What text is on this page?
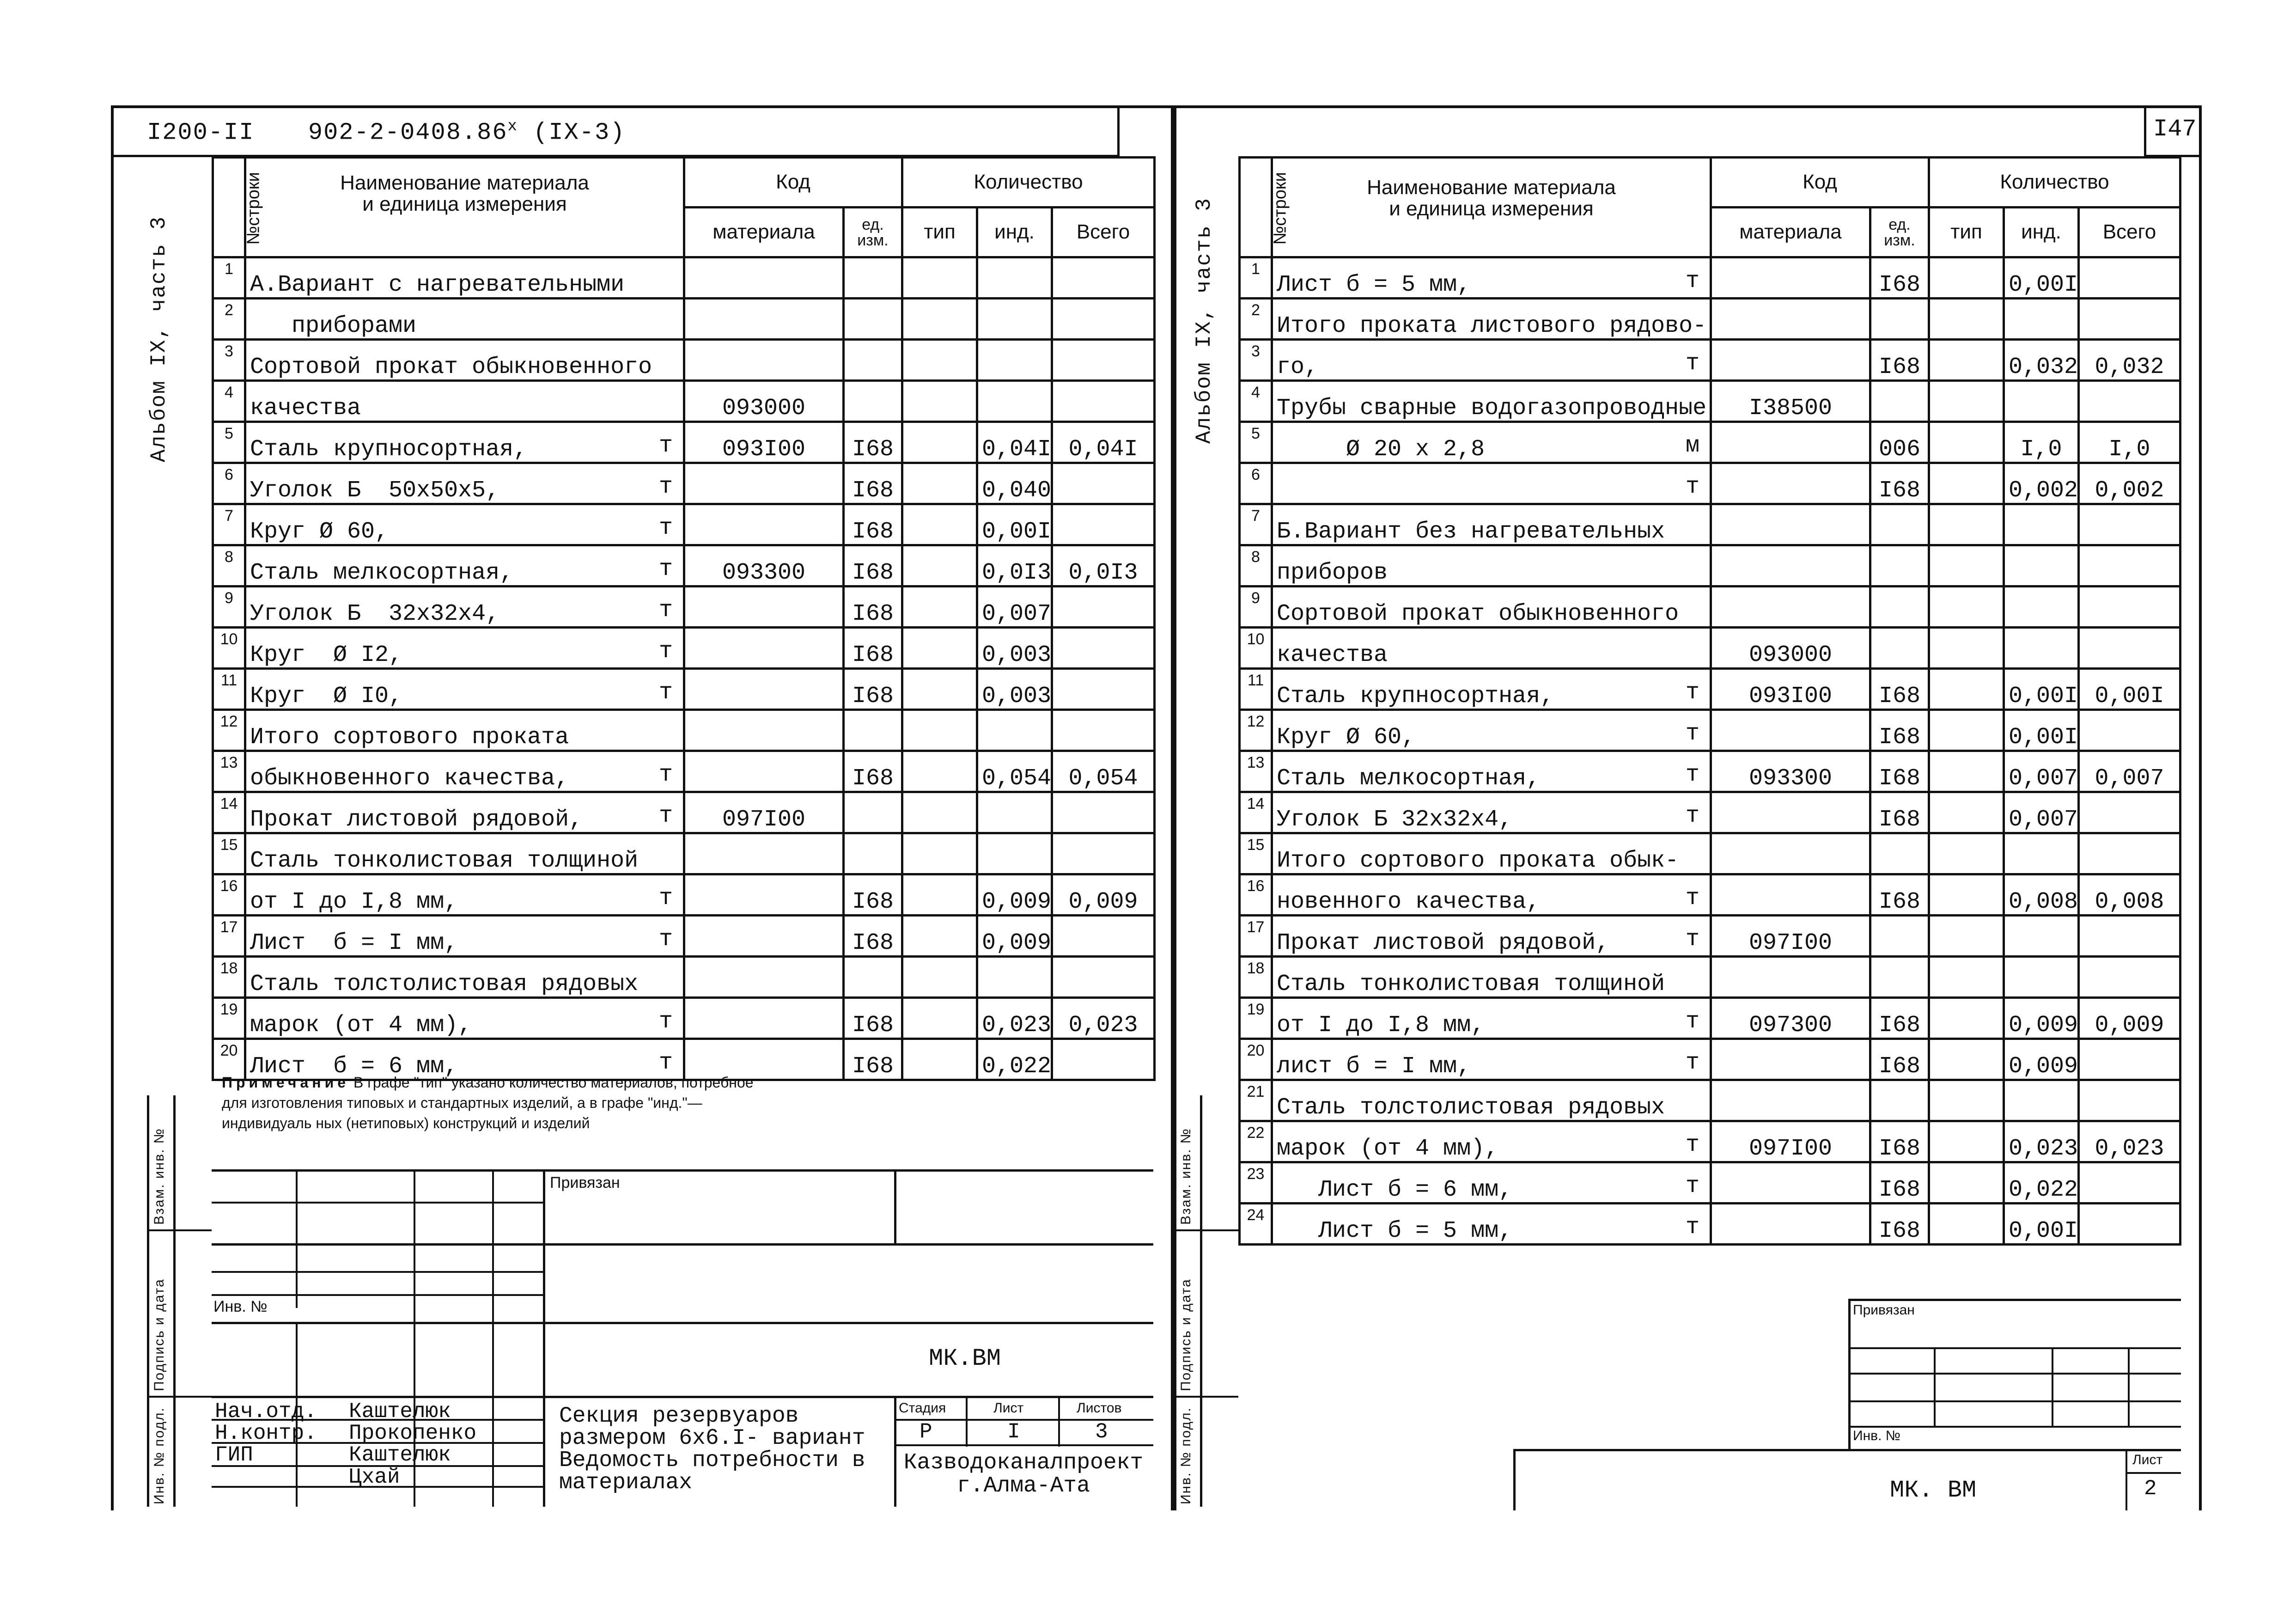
I200-II $902-2-0408.86^х$ (IX-3)
Альбом IX, часть 3
№строки	Наименование материала
и единица измерения	Код		Количество		
		материала	ед. изм.	тип	инд.	Всего
1	А.Вариант с нагревательными

2	приборами

3	Сортовой прокат обыкновенного

4	качества	093000				
5	Сталь крупносортная, т	093I00	I68		0,04I	0,04I
6	Уголок Б  50х50х5, т		I68		0,040	
7	Круг Ø 60, т		I68		0,00I	
8	Сталь мелкосортная, т	093300	I68		0,0I3	0,0I3
9	Уголок Б  32х32х4, т		I68		0,007	
10	Круг  Ø I2, т		I68		0,003	
11	Круг  Ø I0, т		I68		0,003	
12	Итого сортового проката

13	обыкновенного качества, т		I68		0,054	0,054
14	Прокат листовой рядовой, т	097I00				
15	Сталь тонколистовая толщиной

16	от I до I,8 мм, т		I68		0,009	0,009
17	Лист  б = I мм, т		I68		0,009	
18	Сталь толстолистовая рядовых

19	марок (от 4 мм), т		I68		0,023	0,023
20	Лист  б = 6 мм, т		I68		0,022	
Примечание В графе "тип" указано количество материалов, потребное для изготовления типовых и стандартных изделий, а в графе "инд."— индивидуаль ных (нетиповых) конструкций и изделий
Привязан
Инв. №
МК.ВМ
Нач.отд.
Н.контр.
ГИП
Каштелюк
Прокопенко
Каштелюк
Цхай
Секция резервуаров размером 6х6.I- вариант
Ведомость потребности в материалах
Стадия	Лист	Листов
Р	I	3
Казводоканалпроект
г.Алма-Ата
Взам. инв. №
Подпись и дата
Инв. № подл.
I47
Альбом IX, часть 3	№строки	Наименование материала
и единица измерения	Код		Количество		
		материала	ед. изм.	тип	инд.	Всего
1	Лист б = 5 мм, т		I68		0,00I	
2	Итого проката листового рядово-

3	го, т		I68		0,032	0,032
4	Трубы сварные водогазопроводные	I38500				
5	Ø 20 х 2,8 м		006		I,0	I,0
6	т		I68		0,002	0,002
7	Б.Вариант без нагревательных

8	приборов

9	Сортовой прокат обыкновенного

10	качества	093000				
11	Сталь крупносортная, т	093I00	I68		0,00I	0,00I
12	Круг Ø 60, т		I68		0,00I	
13	Сталь мелкосортная, т	093300	I68		0,007	0,007
14	Уголок Б 32х32х4, т		I68		0,007	
15	Итого сортового проката обык-

16	новенного качества, т		I68		0,008	0,008
17	Прокат листовой рядовой, т	097I00				
18	Сталь тонколистовая толщиной

19	от I до I,8 мм, т	097300	I68		0,009	0,009
20	лист б = I мм, т		I68		0,009	
21	Сталь толстолистовая рядовых

22	марок (от 4 мм), т	097I00	I68		0,023	0,023
23	Лист б = 6 мм, т		I68		0,022	
24	Лист б = 5 мм, т		I68		0,00I	
Взам. инв. №
Подпись и дата
Инв. № подл.
Привязан
Инв. №
МК. ВМ
Лист
2
